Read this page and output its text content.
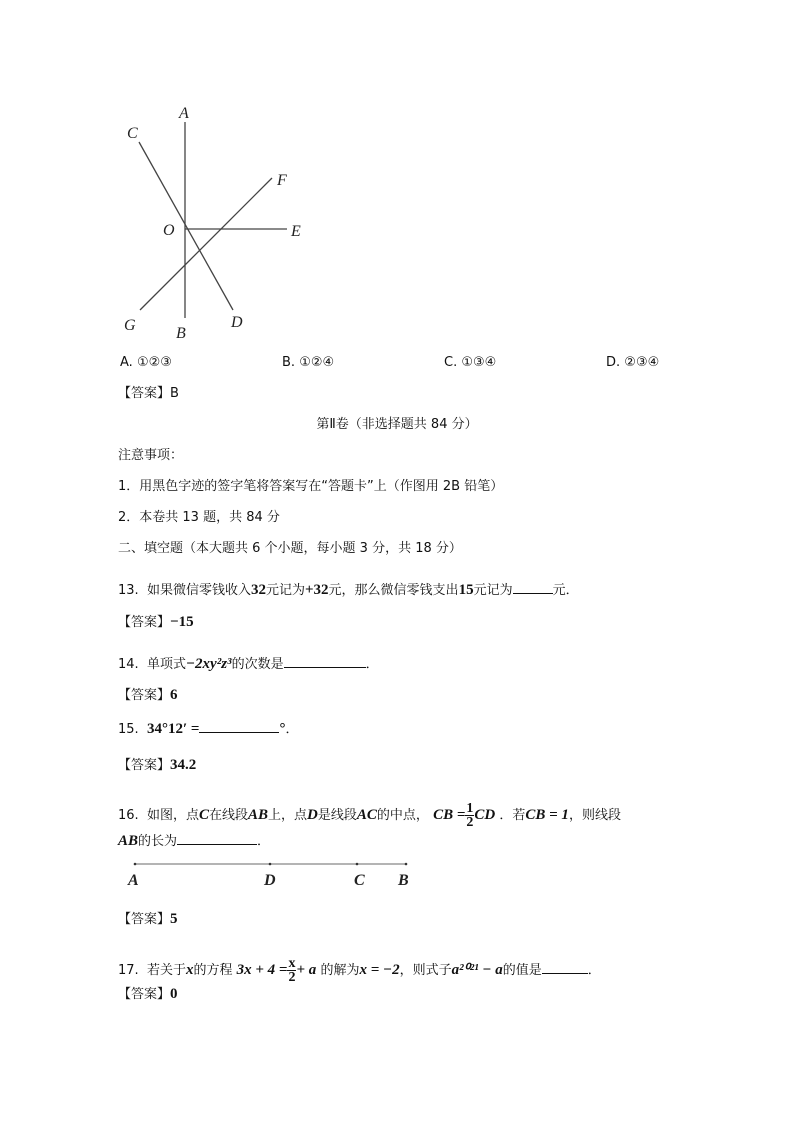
A
B
C
D
E
F
G
O
A. ①②③	B. ①②④	C. ①③④	D. ②③④
【答案】B
第Ⅱ卷（非选择题共 84 分）
注意事项：
1．用黑色字迹的签字笔将答案写在“答题卡”上（作图用 2B 铅笔）
2．本卷共 13 题，共 84 分
二、填空题（本大题共 6 个小题，每小题 3 分，共 18 分）
13. 如果微信零钱收入32元记为+32元，那么微信零钱支出15元记为	元．
【答案】−15
14. 单项式−2xy²z³的次数是	．
【答案】6
15. 34°12′ =	°．
【答案】34.2
16. 如图，点C在线段AB上，点D是线段AC的中点， CB = $\frac{1}{2}$ CD ．若CB = 1，则线段
AB的长为	．
A	D	C B
【答案】5
17. 若关于x的方程 $3x + 4 = \frac{x}{2} + a$ 的解为x = −2，则式子a²⁰²¹ − a的值是	．
【答案】0
